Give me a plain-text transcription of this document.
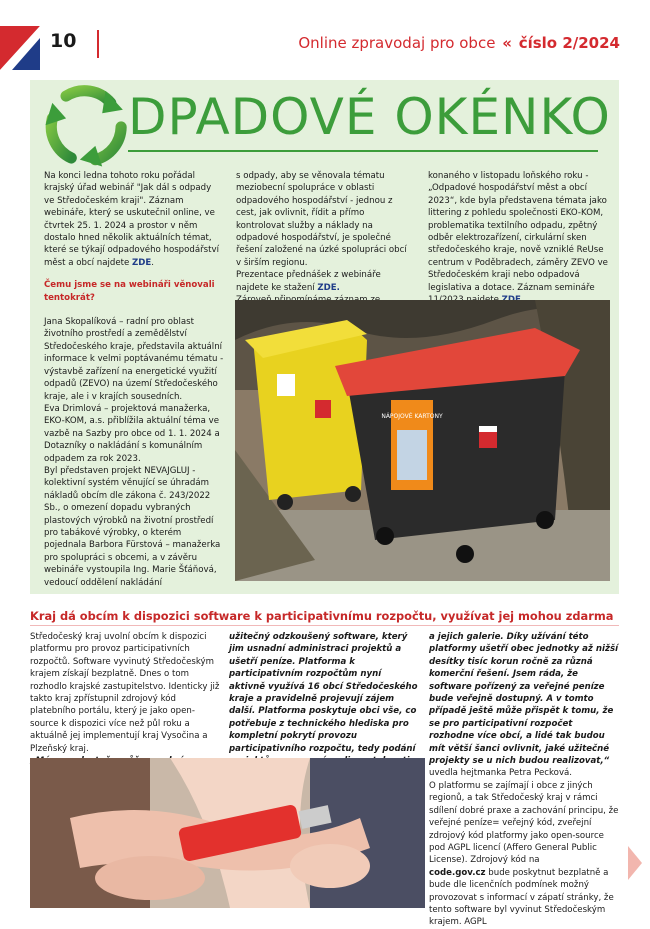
10	Online zpravodaj pro obce « číslo 2/2024
DPADOVÉ OKÉNKO

Na konci ledna tohoto roku pořádal krajský úřad webinář "Jak dál s odpady ve Středočeském kraji". Záznam webináře, který se uskutečnil online, ve čtvrtek 25. 1. 2024 a prostor v něm dostalo hned několik aktuálních témat, které se týkají odpadového hospodářství měst a obcí najdete ZDE.

Čemu jsme se na webináři věnovali tentokrát?

Jana Skopalíková – radní pro oblast životního prostředí a zemědělství Středočeského kraje, představila aktuální informace k velmi poptávanému tématu - výstavbě zařízení na energetické využití odpadů (ZEVO) na území Středočeského kraje, ale i v krajích sousedních.

Eva Drimlová – projektová manažerka, EKO-KOM, a.s. přiblížila aktuální téma ve vazbě na Sazby pro obce od 1. 1. 2024 a Dotazníky o nakládání s komunálním odpadem za rok 2023.

Byl představen projekt NEVAJGLUJ - kolektivní systém věnující se úhradám nákladů obcím dle zákona č. 243/2022 Sb., o omezení dopadu vybraných plastových výrobků na životní prostředí pro tabákové výrobky, o kterém pojednala Barbora Fürstová – manažerka pro spolupráci s obcemi, a v závěru webináře vystoupila Ing. Marie Šťáňová, vedoucí oddělení nakládání

s odpady, aby se věnovala tématu meziobecní spolupráce v oblasti odpadového hospodářství - jednou z cest, jak ovlivnit, řídit a přímo kontrolovat služby a náklady na odpadové hospodářství, je společné řešení založené na úzké spolupráci obcí v širším regionu.

Prezentace přednášek z webináře najdete ke stažení ZDE.

konaného v listopadu loňského roku - „Odpadové hospodářství měst a obcí 2023“, kde byla představena témata jako littering z pohledu společnosti EKO-KOM, problematika textilního odpadu, zpětný odběr elektrozařízení, cirkulární sken středočeského kraje, nově vzniklé ReUse centrum v Poděbradech, záměry ZEVO ve Středočeském kraji nebo odpadová legislativa a dotace. Záznam semináře

NÁPOJOVÉ KARTONY
Kraj dá obcím k dispozici software k participativnímu rozpočtu, využívat jej mohou zdarma

Středočeský kraj uvolní obcím k dispozici platformu pro provoz participativních rozpočtů. Software vyvinutý Středočeským krajem získají bezplatně. Dnes o tom rozhodlo krajské zastupitelstvo. Identicky již takto kraj zpřístupnil zdrojový kód platebního portálu, který je jako open-source k dispozici více než půl roku a aktuálně jej implementují kraj Vysočina a Plzeňský kraj.

užitečný odzkoušený software, který jim usnadní administraci projektů a ušetří peníze. Platforma k participativním rozpočtům nyní aktivně využívá 16 obcí Středočeského kraje a pravidelně projevují zájem další. Platforma poskytuje obci vše, co potřebuje z technického hlediska pro kompletní pokrytí provozu participativního rozpočtu, tedy podání

a jejich galerie. Díky užívání této platformy ušetří obec jednotky až nižší desítky tisíc korun ročně za různá komerční řešení. Jsem ráda, že software pořízený za veřejné peníze bude veřejně dostupný. A v tomto případě ještě může přispět k tomu, že se pro participativní rozpočet rozhodne více obcí, a lidé tak budou mít větší šanci ovlivnit, jaké užitečné projekty se u nich budou realizovat,“

uvedla hejtmanka Petra Pecková.

O platformu se zajímají i obce z jiných regionů, a tak Středočeský kraj v rámci sdílení dobré praxe a zachování principu, že veřejné peníze= veřejný kód, zveřejní zdrojový kód platformy jako open-source pod AGPL licencí (Affero General Public License). Zdrojový kód na

code.gov.cz bude poskytnut bezplatně a bude dle licenčních podmínek možný provozovat s informací v zápatí stránky, že tento software byl vyvinut Středočeským krajem. AGPL
